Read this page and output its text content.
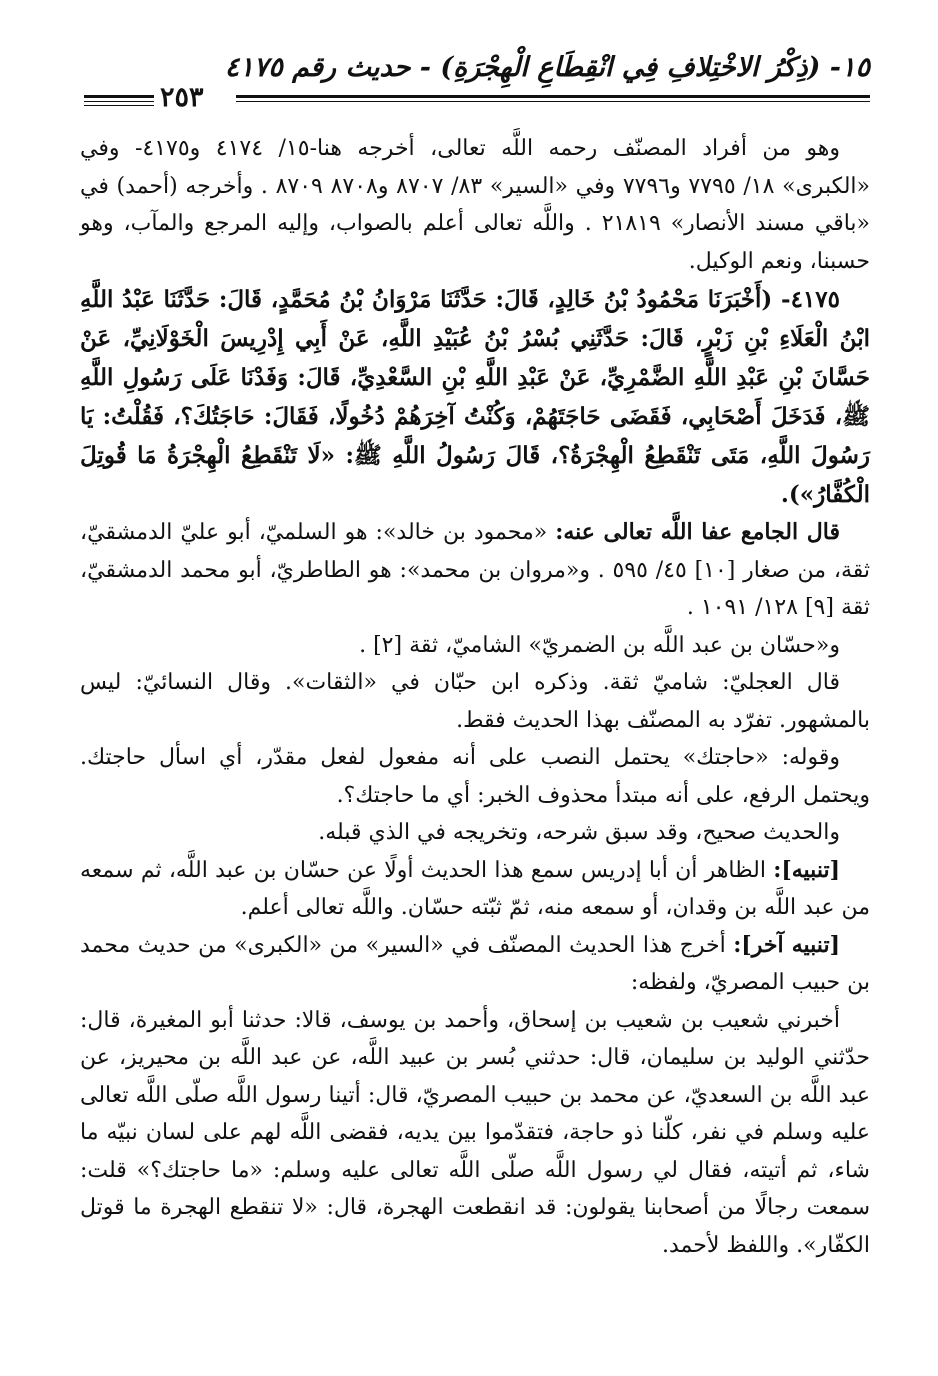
١٥- (ذِكْرُ الاخْتِلافِ فِي انْقِطَاعِ الْهِجْرَةِ) - حديث رقم ٤١٧٥
٢٥٣

وهو من أفراد المصنّف رحمه اللَّه تعالى، أخرجه هنا-١٥/ ٤١٧٤ و٤١٧٥- وفي «الكبرى» ١٨/ ٧٧٩٥ و٧٧٩٦ وفي «السير» ٨٣/ ٨٧٠٧ و٨٧٠٨ ٨٧٠٩ . وأخرجه (أحمد) في «باقي مسند الأنصار» ٢١٨١٩ . واللَّه تعالى أعلم بالصواب، وإليه المرجع والمآب، وهو حسبنا، ونعم الوكيل.

٤١٧٥- (أَخْبَرَنَا مَحْمُودُ بْنُ خَالِدٍ، قَالَ: حَدَّثَنَا مَرْوَانُ بْنُ مُحَمَّدٍ، قَالَ: حَدَّثَنَا عَبْدُ اللَّهِ ابْنُ الْعَلَاءِ بْنِ زَبْرٍ، قَالَ: حَدَّثَنِي بُسْرُ بْنُ عُبَيْدِ اللَّهِ، عَنْ أَبِي إِدْرِيسَ الْخَوْلَانِيِّ، عَنْ حَسَّانَ بْنِ عَبْدِ اللَّهِ الضَّمْرِيِّ، عَنْ عَبْدِ اللَّهِ بْنِ السَّعْدِيِّ، قَالَ: وَفَدْنَا عَلَى رَسُولِ اللَّهِ ﷺ، فَدَخَلَ أَصْحَابِي، فَقَضَى حَاجَتَهُمْ، وَكُنْتُ آخِرَهُمْ دُخُولًا، فَقَالَ: حَاجَتُكَ؟، فَقُلْتُ: يَا رَسُولَ اللَّهِ، مَتَى تَنْقَطِعُ الْهِجْرَةُ؟، قَالَ رَسُولُ اللَّهِ ﷺ: «لَا تَنْقَطِعُ الْهِجْرَةُ مَا قُوتِلَ الْكُفَّارُ»).

قال الجامع عفا اللَّه تعالى عنه: «محمود بن خالد»: هو السلميّ، أبو عليّ الدمشقيّ، ثقة، من صغار [١٠] ٤٥/ ٥٩٥ . و«مروان بن محمد»: هو الطاطريّ، أبو محمد الدمشقيّ، ثقة [٩] ١٢٨/ ١٠٩١ .

و«حسّان بن عبد اللَّه بن الضمريّ» الشاميّ، ثقة [٢] .

قال العجليّ: شاميّ ثقة. وذكره ابن حبّان في «الثقات». وقال النسائيّ: ليس بالمشهور. تفرّد به المصنّف بهذا الحديث فقط.

وقوله: «حاجتك» يحتمل النصب على أنه مفعول لفعل مقدّر، أي اسأل حاجتك. ويحتمل الرفع، على أنه مبتدأ محذوف الخبر: أي ما حاجتك؟.

والحديث صحيح، وقد سبق شرحه، وتخريجه في الذي قبله.

[تنبيه]: الظاهر أن أبا إدريس سمع هذا الحديث أولًا عن حسّان بن عبد اللَّه، ثم سمعه من عبد اللَّه بن وقدان، أو سمعه منه، ثمّ ثبّته حسّان. واللَّه تعالى أعلم.

[تنبيه آخر]: أخرج هذا الحديث المصنّف في «السير» من «الكبرى» من حديث محمد بن حبيب المصريّ، ولفظه:

أخبرني شعيب بن شعيب بن إسحاق، وأحمد بن يوسف، قالا: حدثنا أبو المغيرة، قال: حدّثني الوليد بن سليمان، قال: حدثني بُسر بن عبيد اللَّه، عن عبد اللَّه بن محيريز، عن عبد اللَّه بن السعديّ، عن محمد بن حبيب المصريّ، قال: أتينا رسول اللَّه صلّى اللَّه تعالى عليه وسلم في نفر، كلّنا ذو حاجة، فتقدّموا بين يديه، فقضى اللَّه لهم على لسان نبيّه ما شاء، ثم أتيته، فقال لي رسول اللَّه صلّى اللَّه تعالى عليه وسلم: «ما حاجتك؟» قلت: سمعت رجالًا من أصحابنا يقولون: قد انقطعت الهجرة، قال: «لا تنقطع الهجرة ما قوتل الكفّار». واللفظ لأحمد.
